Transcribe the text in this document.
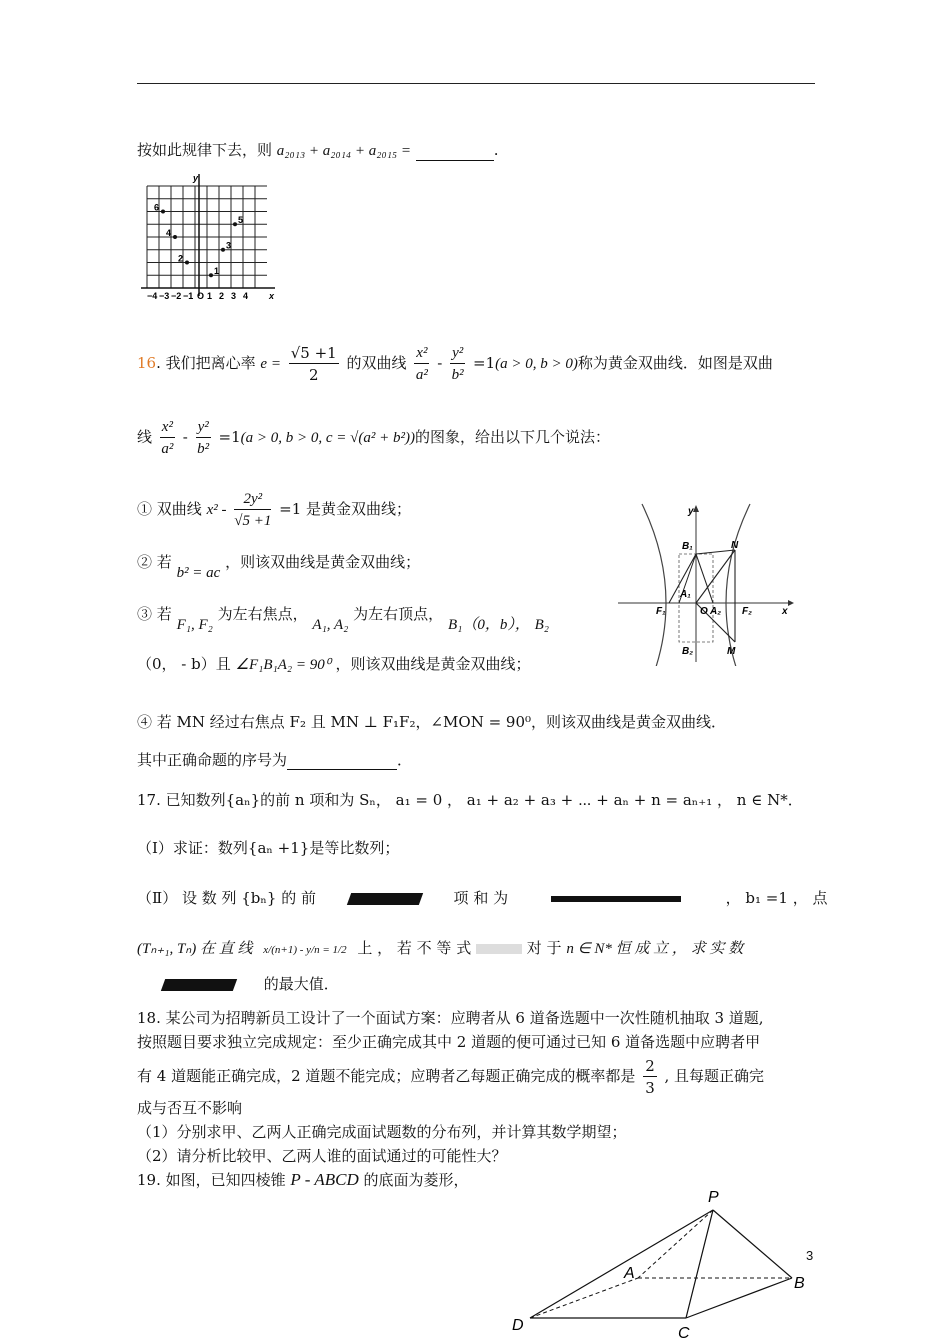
按如此规律下去，则 a₂₀₁₃ + a₂₀₁₄ + a₂₀₁₅ =	.
y
x
−4 −3 −2 −1 O 1 2 3 4
1
2
3
4
5
6
16. 我们把离心率 $e = \frac{√5 +1}{2}$ 的双曲线 $\frac{\text{x²}}{\text{a²}} - \frac{\text{y²}}{\text{b²}} =1(a > 0$, b > 0)称为黄金双曲线．如图是双曲
线 $\frac{\text{x²}}{\text{a²}} - \frac{\text{y²}}{\text{b²}} =1(a > 0$, b > 0, c = √(a² + b²))的图象，给出以下几个说法：
① 双曲线 $x^2 - \frac{\text{2y²}}{√5 +1} =1$ 是黄金双曲线；
② 若 b² = ac ，则该双曲线是黄金双曲线；
③ 若 F₁, F₂ 为左右焦点， A₁, A₂ 为左右顶点， B₁（0，b）， B₂
（0， - b）且 ∠F₁B₁A₂ = 90⁰ ，则该双曲线是黄金双曲线；
④ 若 MN 经过右焦点 F₂ 且 MN ⊥ F₁F₂，∠MON = 90⁰，则该双曲线是黄金双曲线．
其中正确命题的序号为	．
y
x
O
B₁
B₂
A₁
A₂
F₁	F₂
N
M
17. 已知数列{aₙ}的前 n 项和为 Sₙ， a₁ = 0 ， a₁ + a₂ + a₃ + ⋯ + aₙ + n = aₙ₊₁ ， n ∈ N*．
（Ⅰ）求证：数列{aₙ +1}是等比数列；
（Ⅱ） 设 数 列 {bₙ} 的 前	项 和 为	， b₁ =1 ， 点
(Tₙ₊₁, Tₙ) 在 直 线 x/(n+1) - y/n = 1/2 上 ， 若 不 等 式	对 于 n ∈ N* 恒 成 立 ， 求 实 数
的最大值．
18. 某公司为招聘新员工设计了一个面试方案：应聘者从 6 道备选题中一次性随机抽取 3 道题,
按照题目要求独立完成规定：至少正确完成其中 2 道题的便可通过已知 6 道备选题中应聘者甲
有 4 道题能正确完成，2 道题不能完成；应聘者乙每题正确完成的概率都是 $\frac{2}{3}$ , 且每题正确完
成与否互不影响
（1）分别求甲、乙两人正确完成面试题数的分布列，并计算其数学期望；
（2）请分析比较甲、乙两人谁的面试通过的可能性大？
19. 如图，已知四棱锥 P - ABCD 的底面为菱形，
P
A
B
C
D
3
